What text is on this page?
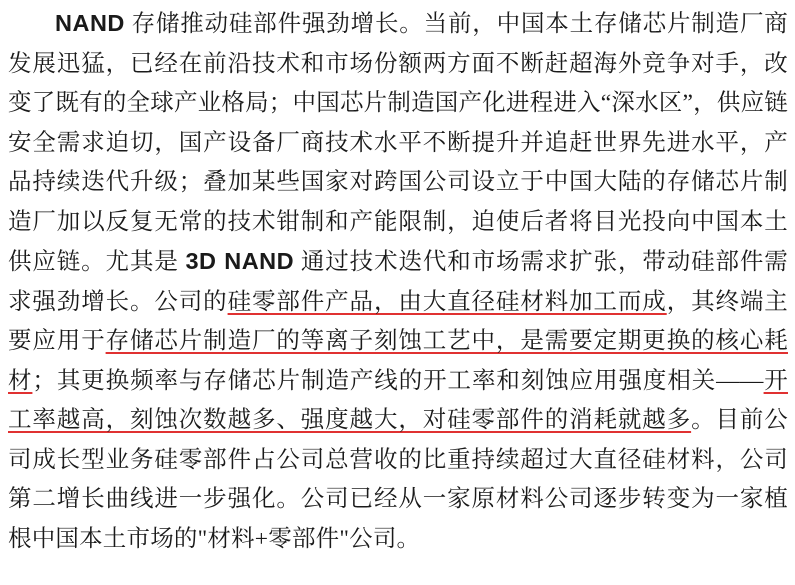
NAND 存储推动硅部件强劲增长。当前，中国本土存储芯片制造厂商发展迅猛，已经在前沿技术和市场份额两方面不断赶超海外竞争对手，改变了既有的全球产业格局；中国芯片制造国产化进程进入“深水区”，供应链安全需求迫切，国产设备厂商技术水平不断提升并追赶世界先进水平，产品持续迭代升级；叠加某些国家对跨国公司设立于中国大陆的存储芯片制造厂加以反复无常的技术钳制和产能限制，迫使后者将目光投向中国本土供应链。尤其是 3D NAND 通过技术迭代和市场需求扩张，带动硅部件需求强劲增长。公司的硅零部件产品，由大直径硅材料加工而成，其终端主要应用于存储芯片制造厂的等离子刻蚀工艺中，是需要定期更换的核心耗材；其更换频率与存储芯片制造产线的开工率和刻蚀应用强度相关——开工率越高，刻蚀次数越多、强度越大，对硅零部件的消耗就越多。目前公司成长型业务硅零部件占公司总营收的比重持续超过大直径硅材料，公司第二增长曲线进一步强化。公司已经从一家原材料公司逐步转变为一家植根中国本土市场的"材料+零部件"公司。
